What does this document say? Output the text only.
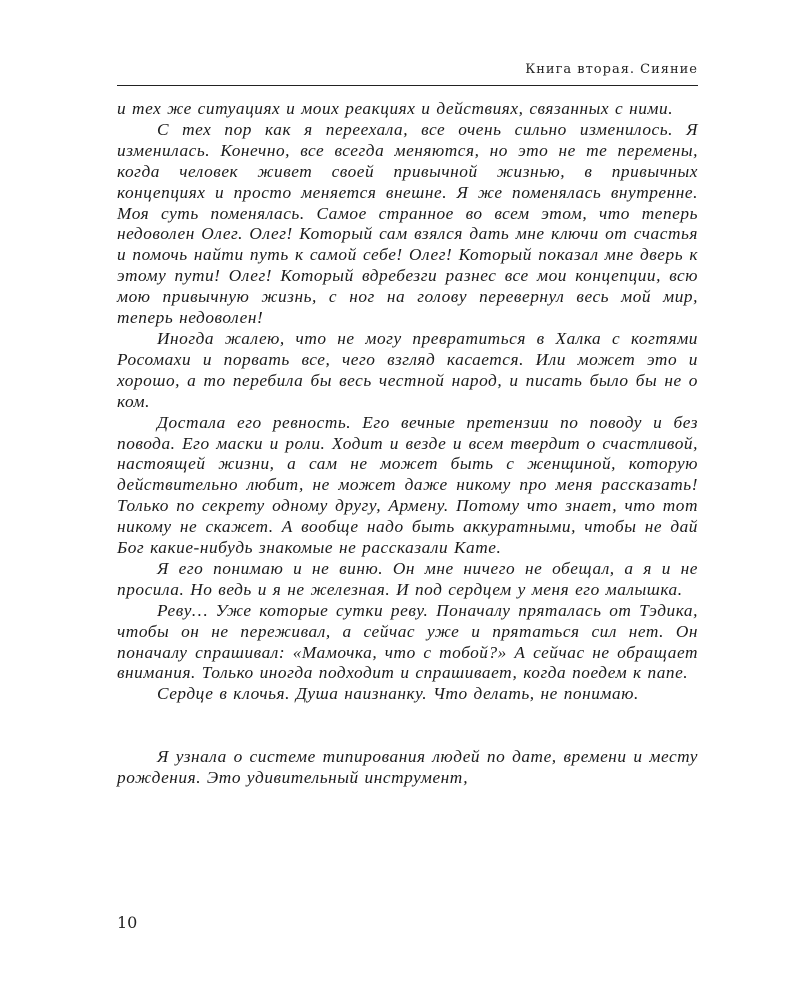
Книга вторая. Сияние

и тех же ситуациях и моих реакциях и действиях, связанных с ними.

С тех пор как я переехала, все очень сильно изменилось. Я изменилась. Конечно, все всегда меняются, но это не те перемены, когда человек живет своей привычной жизнью, в привычных концепциях и просто меняется внешне. Я же поменялась внутренне. Моя суть поменялась. Самое странное во всем этом, что теперь недоволен Олег. Олег! Который сам взялся дать мне ключи от счастья и помочь найти путь к самой себе! Олег! Который показал мне дверь к этому пути! Олег! Который вдребезги разнес все мои концепции, всю мою привычную жизнь, с ног на голову перевернул весь мой мир, теперь недоволен!

Иногда жалею, что не могу превратиться в Халка с когтями Росомахи и порвать все, чего взгляд касается. Или может это и хорошо, а то перебила бы весь честной народ, и писать было бы не о ком.

Достала его ревность. Его вечные претензии по поводу и без повода. Его маски и роли. Ходит и везде и всем твердит о счастливой, настоящей жизни, а сам не может быть с женщиной, которую действительно любит, не может даже никому про меня рассказать! Только по секрету одному другу, Армену. Потому что знает, что тот никому не скажет. А вообще надо быть аккуратными, чтобы не дай Бог какие-нибудь знакомые не рассказали Кате.

Я его понимаю и не виню. Он мне ничего не обещал, а я и не просила. Но ведь и я не железная. И под сердцем у меня его малышка.

Реву… Уже которые сутки реву. Поначалу пряталась от Тэдика, чтобы он не переживал, а сейчас уже и прятаться сил нет. Он поначалу спрашивал: «Мамочка, что с тобой?» А сейчас не обращает внимания. Только иногда подходит и спрашивает, когда поедем к папе.

Сердце в клочья. Душа наизнанку. Что делать, не понимаю.

Я узнала о системе типирования людей по дате, времени и месту рождения. Это удивительный инструмент,

10
